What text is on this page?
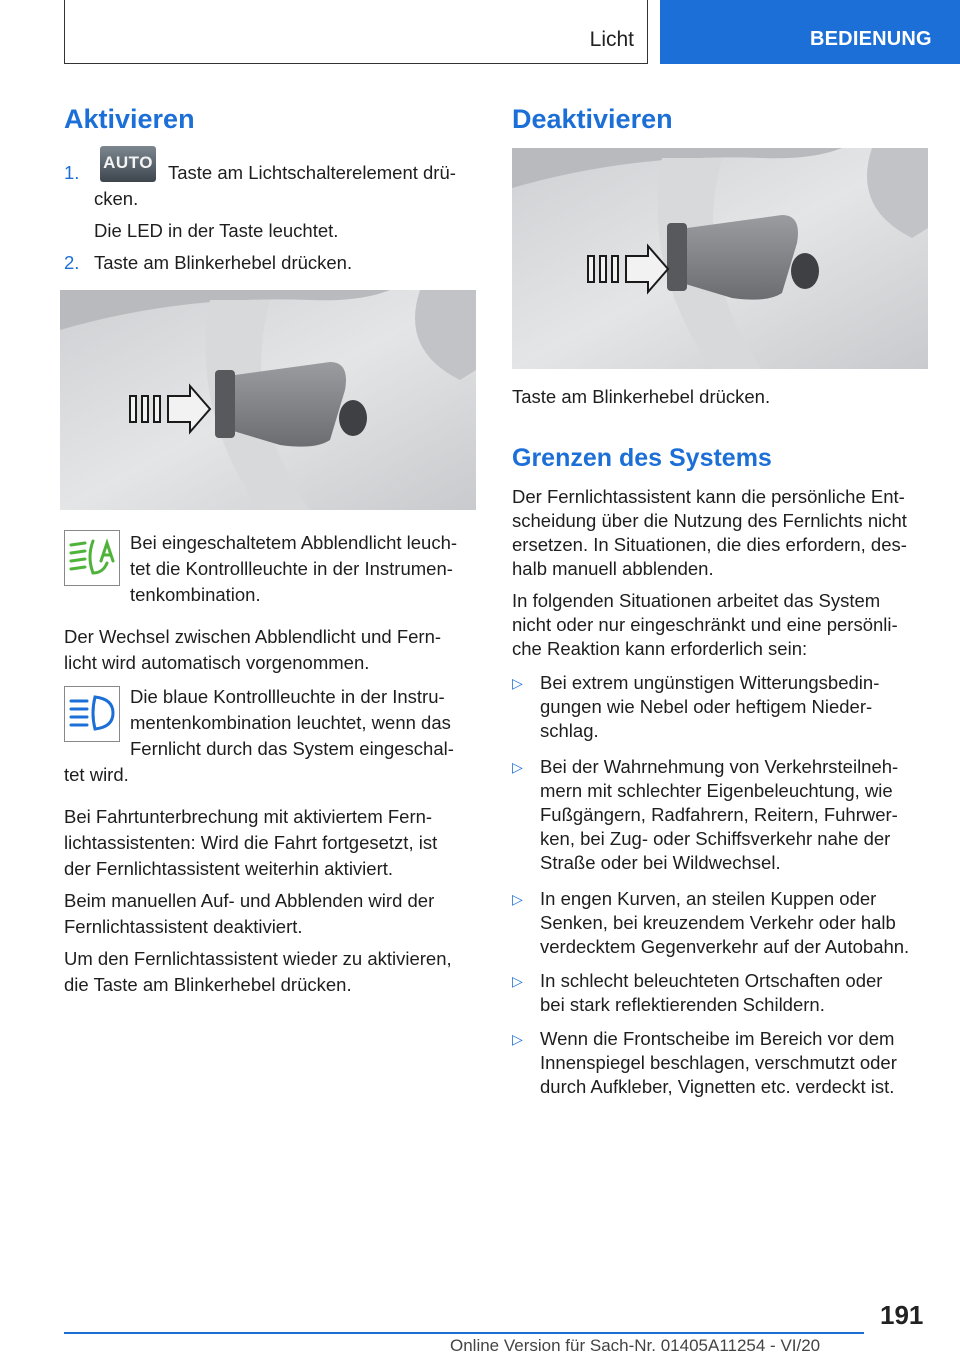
Licht	BEDIENUNG
Aktivieren
1. AUTO Taste am Lichtschalterelement drü-

cken.

Die LED in der Taste leuchtet.

2. Taste am Blinkerhebel drücken.

Bei eingeschaltetem Abblendlicht leuch-

tet die Kontrollleuchte in der Instrumen-

tenkombination.

Der Wechsel zwischen Abblendlicht und Fern-

licht wird automatisch vorgenommen.

Die blaue Kontrollleuchte in der Instru-

mentenkombination leuchtet, wenn das

Fernlicht durch das System eingeschal-

tet wird.

Bei Fahrtunterbrechung mit aktiviertem Fern-

lichtassistenten: Wird die Fahrt fortgesetzt, ist

der Fernlichtassistent weiterhin aktiviert.

Beim manuellen Auf- und Abblenden wird der

Fernlichtassistent deaktiviert.

Um den Fernlichtassistent wieder zu aktivieren,

die Taste am Blinkerhebel drücken.

Deaktivieren

Taste am Blinkerhebel drücken.

Grenzen des Systems

Der Fernlichtassistent kann die persönliche Ent-

scheidung über die Nutzung des Fernlichts nicht

ersetzen. In Situationen, die dies erfordern, des-

halb manuell abblenden.

In folgenden Situationen arbeitet das System

nicht oder nur eingeschränkt und eine persönli-

che Reaktion kann erforderlich sein:

▷ Bei extrem ungünstigen Witterungsbedin-

gungen wie Nebel oder heftigem Nieder-

schlag.

▷ Bei der Wahrnehmung von Verkehrsteilneh-

mern mit schlechter Eigenbeleuchtung, wie

Fußgängern, Radfahrern, Reitern, Fuhrwer-

ken, bei Zug- oder Schiffsverkehr nahe der

Straße oder bei Wildwechsel.

▷ In engen Kurven, an steilen Kuppen oder

Senken, bei kreuzendem Verkehr oder halb

verdecktem Gegenverkehr auf der Autobahn.

▷ In schlecht beleuchteten Ortschaften oder

bei stark reflektierenden Schildern.

▷ Wenn die Frontscheibe im Bereich vor dem

Innenspiegel beschlagen, verschmutzt oder

durch Aufkleber, Vignetten etc. verdeckt ist.

191
Online Version für Sach-Nr. 01405A11254 - VI/20
